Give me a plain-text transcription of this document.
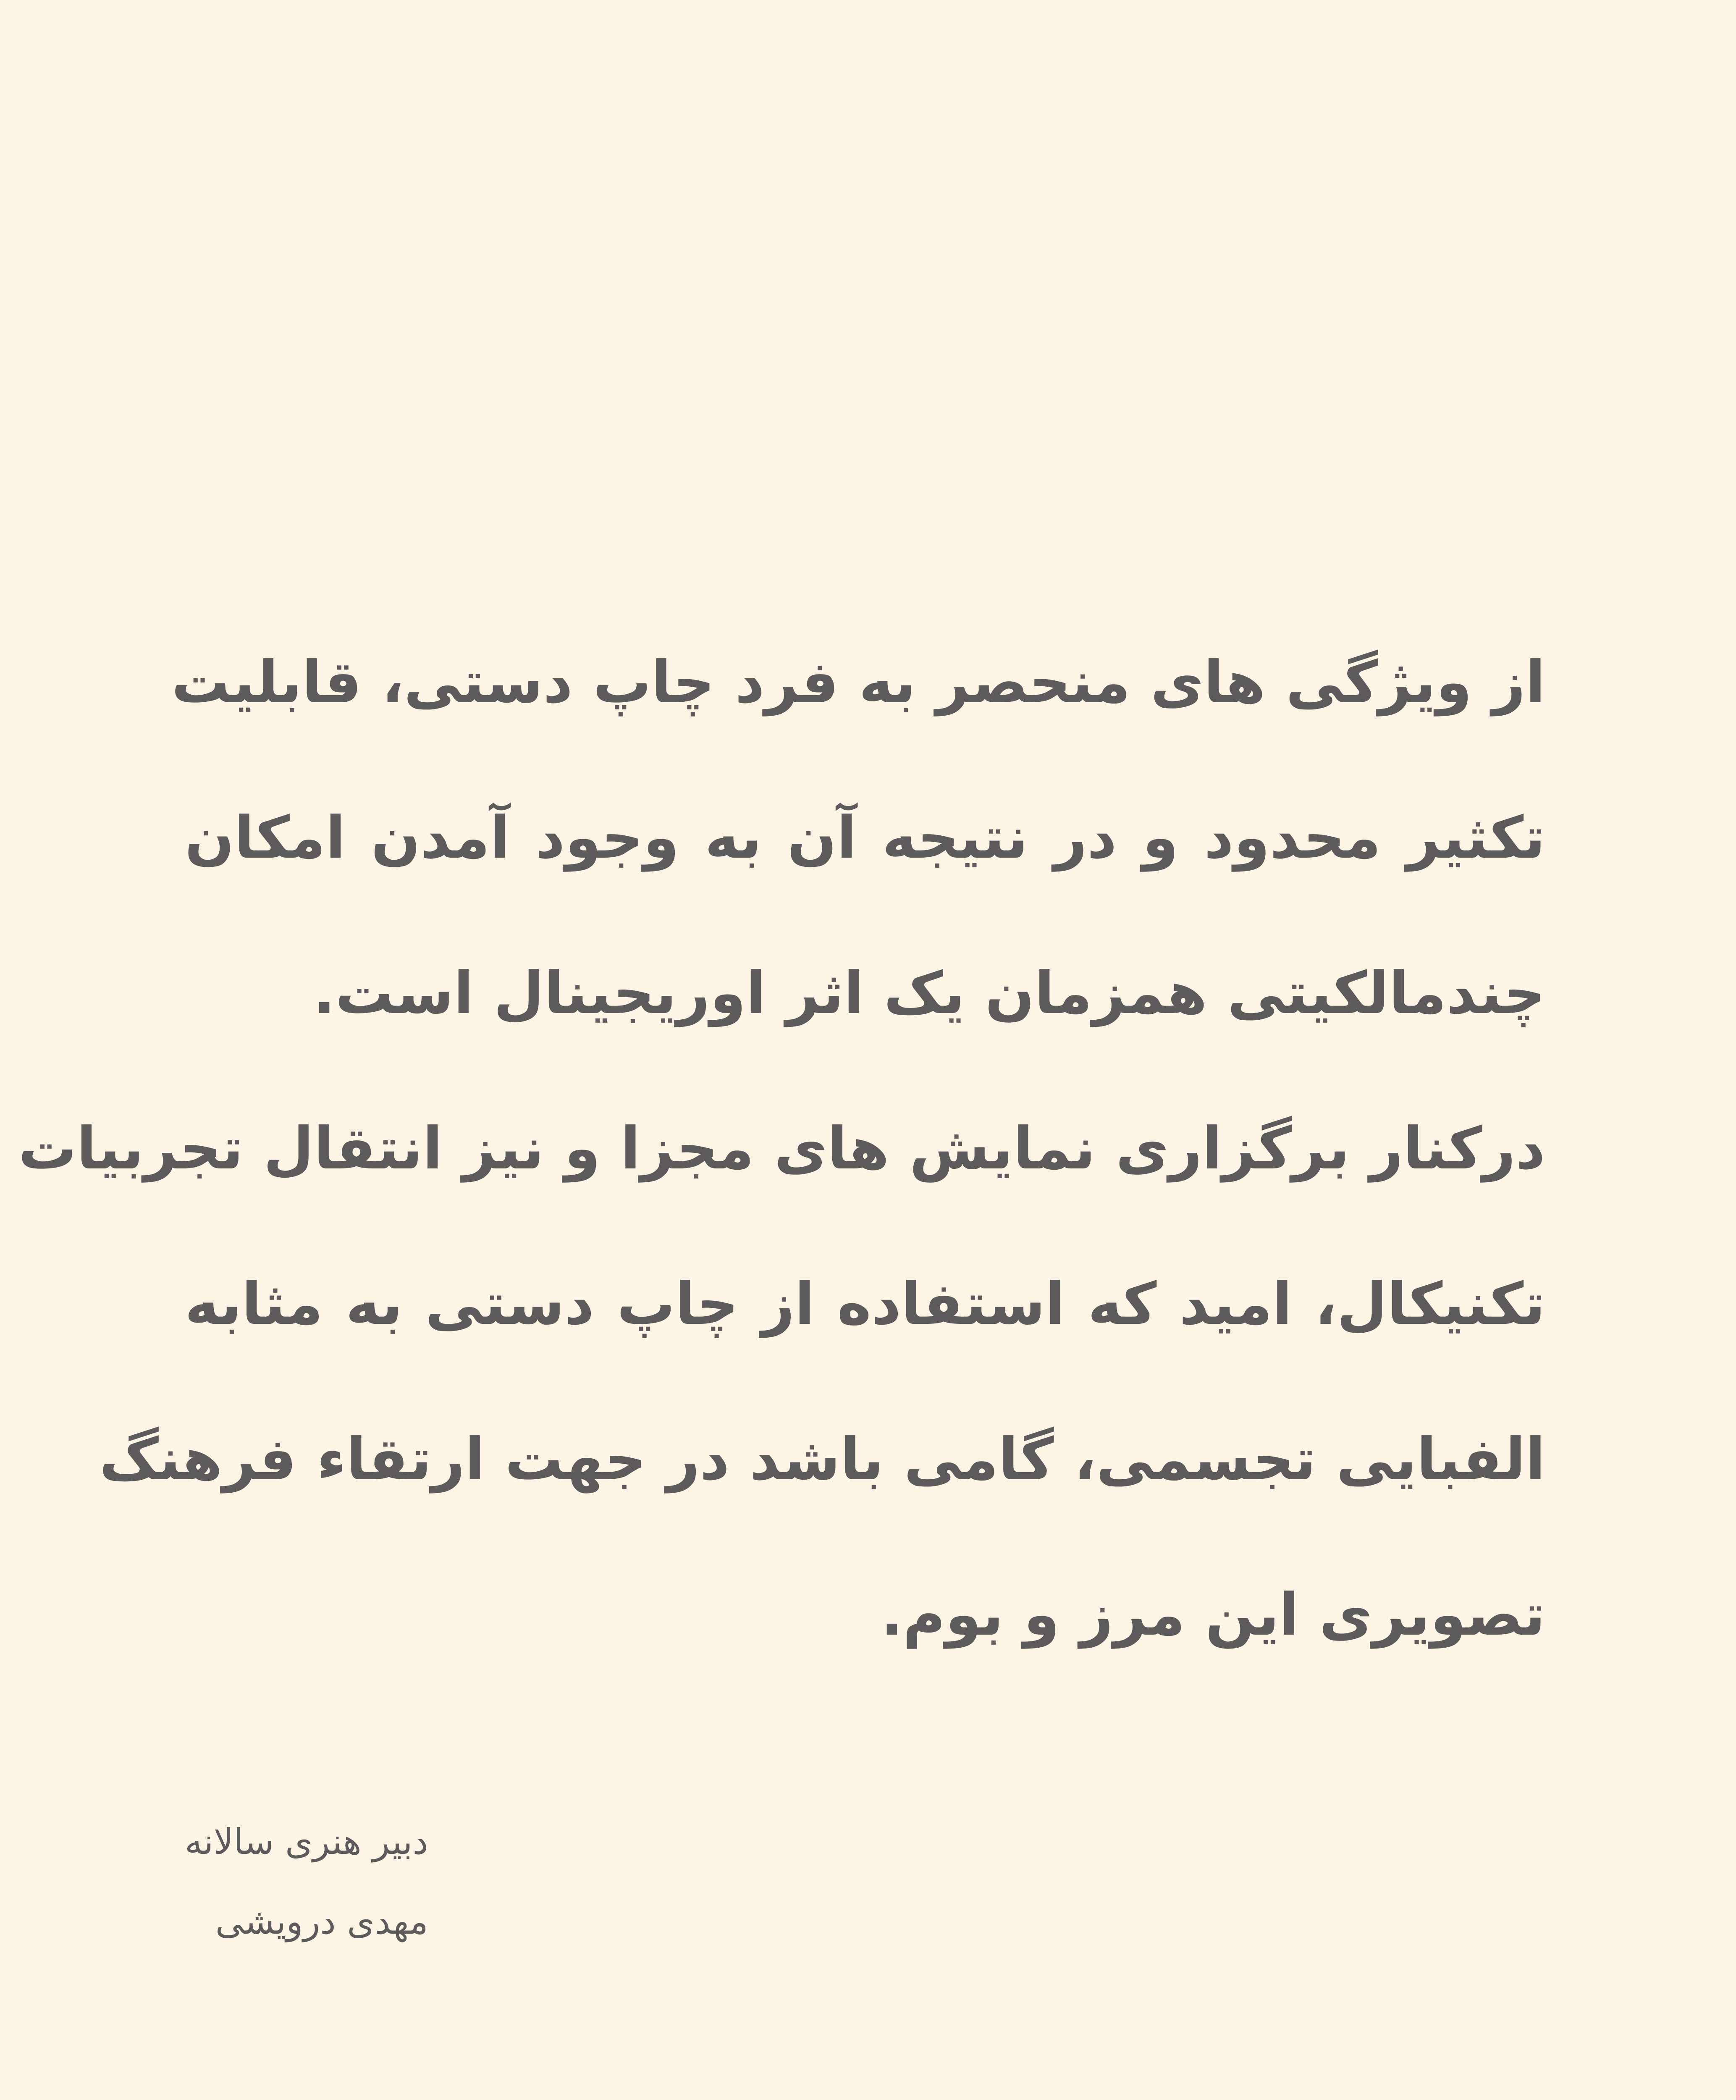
از ویژگی های منحصر به فرد چاپ دستی، قابلیت
تکثیر محدود و در نتیجه آن به وجود آمدن امکان
چندمالکیتی همزمان یک اثر اوریجینال است.
درکنار برگزاری نمایش های مجزا و نیز انتقال تجربیات
تکنیکال، امید که استفاده از چاپ دستی به مثابه
الفبایی تجسمی، گامی باشد در جهت ارتقاء فرهنگ
تصویری این مرز و بوم.
دبیر هنری سالانه
مهدی درویشی
